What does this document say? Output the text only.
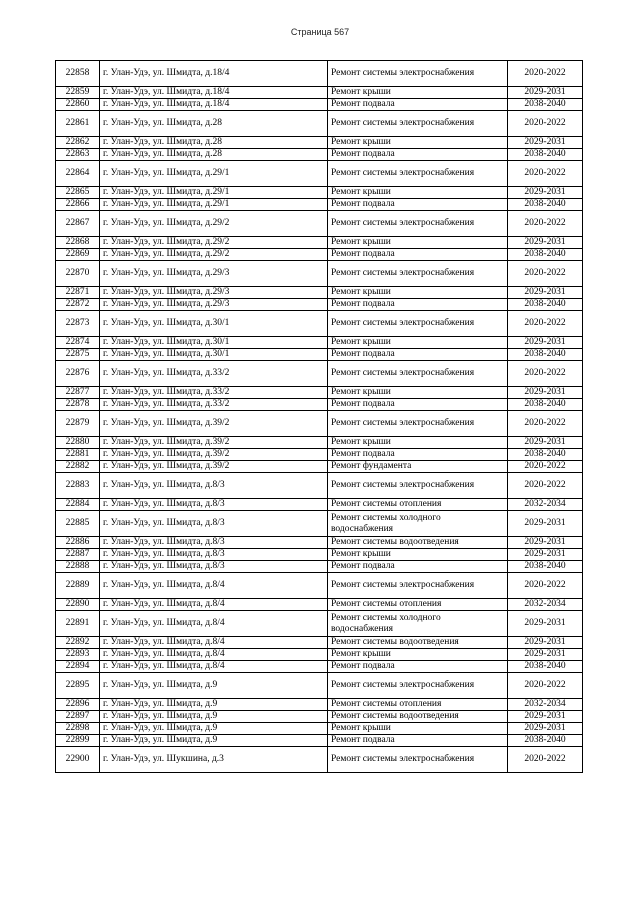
Страница 567
22858	г. Улан-Удэ, ул. Шмидта, д.18/4	Ремонт системы электроснабжения	2020-2022
22859	г. Улан-Удэ, ул. Шмидта, д.18/4	Ремонт крыши	2029-2031
22860	г. Улан-Удэ, ул. Шмидта, д.18/4	Ремонт подвала	2038-2040
22861	г. Улан-Удэ, ул. Шмидта, д.28	Ремонт системы электроснабжения	2020-2022
22862	г. Улан-Удэ, ул. Шмидта, д.28	Ремонт крыши	2029-2031
22863	г. Улан-Удэ, ул. Шмидта, д.28	Ремонт подвала	2038-2040
22864	г. Улан-Удэ, ул. Шмидта, д.29/1	Ремонт системы электроснабжения	2020-2022
22865	г. Улан-Удэ, ул. Шмидта, д.29/1	Ремонт крыши	2029-2031
22866	г. Улан-Удэ, ул. Шмидта, д.29/1	Ремонт подвала	2038-2040
22867	г. Улан-Удэ, ул. Шмидта, д.29/2	Ремонт системы электроснабжения	2020-2022
22868	г. Улан-Удэ, ул. Шмидта, д.29/2	Ремонт крыши	2029-2031
22869	г. Улан-Удэ, ул. Шмидта, д.29/2	Ремонт подвала	2038-2040
22870	г. Улан-Удэ, ул. Шмидта, д.29/3	Ремонт системы электроснабжения	2020-2022
22871	г. Улан-Удэ, ул. Шмидта, д.29/3	Ремонт крыши	2029-2031
22872	г. Улан-Удэ, ул. Шмидта, д.29/3	Ремонт подвала	2038-2040
22873	г. Улан-Удэ, ул. Шмидта, д.30/1	Ремонт системы электроснабжения	2020-2022
22874	г. Улан-Удэ, ул. Шмидта, д.30/1	Ремонт крыши	2029-2031
22875	г. Улан-Удэ, ул. Шмидта, д.30/1	Ремонт подвала	2038-2040
22876	г. Улан-Удэ, ул. Шмидта, д.33/2	Ремонт системы электроснабжения	2020-2022
22877	г. Улан-Удэ, ул. Шмидта, д.33/2	Ремонт крыши	2029-2031
22878	г. Улан-Удэ, ул. Шмидта, д.33/2	Ремонт подвала	2038-2040
22879	г. Улан-Удэ, ул. Шмидта, д.39/2	Ремонт системы электроснабжения	2020-2022
22880	г. Улан-Удэ, ул. Шмидта, д.39/2	Ремонт крыши	2029-2031
22881	г. Улан-Удэ, ул. Шмидта, д.39/2	Ремонт подвала	2038-2040
22882	г. Улан-Удэ, ул. Шмидта, д.39/2	Ремонт фундамента	2020-2022
22883	г. Улан-Удэ, ул. Шмидта, д.8/3	Ремонт системы электроснабжения	2020-2022
22884	г. Улан-Удэ, ул. Шмидта, д.8/3	Ремонт системы отопления	2032-2034
22885	г. Улан-Удэ, ул. Шмидта, д.8/3	Ремонт системы холодного водоснабжения	2029-2031
22886	г. Улан-Удэ, ул. Шмидта, д.8/3	Ремонт системы водоотведения	2029-2031
22887	г. Улан-Удэ, ул. Шмидта, д.8/3	Ремонт крыши	2029-2031
22888	г. Улан-Удэ, ул. Шмидта, д.8/3	Ремонт подвала	2038-2040
22889	г. Улан-Удэ, ул. Шмидта, д.8/4	Ремонт системы электроснабжения	2020-2022
22890	г. Улан-Удэ, ул. Шмидта, д.8/4	Ремонт системы отопления	2032-2034
22891	г. Улан-Удэ, ул. Шмидта, д.8/4	Ремонт системы холодного водоснабжения	2029-2031
22892	г. Улан-Удэ, ул. Шмидта, д.8/4	Ремонт системы водоотведения	2029-2031
22893	г. Улан-Удэ, ул. Шмидта, д.8/4	Ремонт крыши	2029-2031
22894	г. Улан-Удэ, ул. Шмидта, д.8/4	Ремонт подвала	2038-2040
22895	г. Улан-Удэ, ул. Шмидта, д.9	Ремонт системы электроснабжения	2020-2022
22896	г. Улан-Удэ, ул. Шмидта, д.9	Ремонт системы отопления	2032-2034
22897	г. Улан-Удэ, ул. Шмидта, д.9	Ремонт системы водоотведения	2029-2031
22898	г. Улан-Удэ, ул. Шмидта, д.9	Ремонт крыши	2029-2031
22899	г. Улан-Удэ, ул. Шмидта, д.9	Ремонт подвала	2038-2040
22900	г. Улан-Удэ, ул. Шукшина, д.3	Ремонт системы электроснабжения	2020-2022
